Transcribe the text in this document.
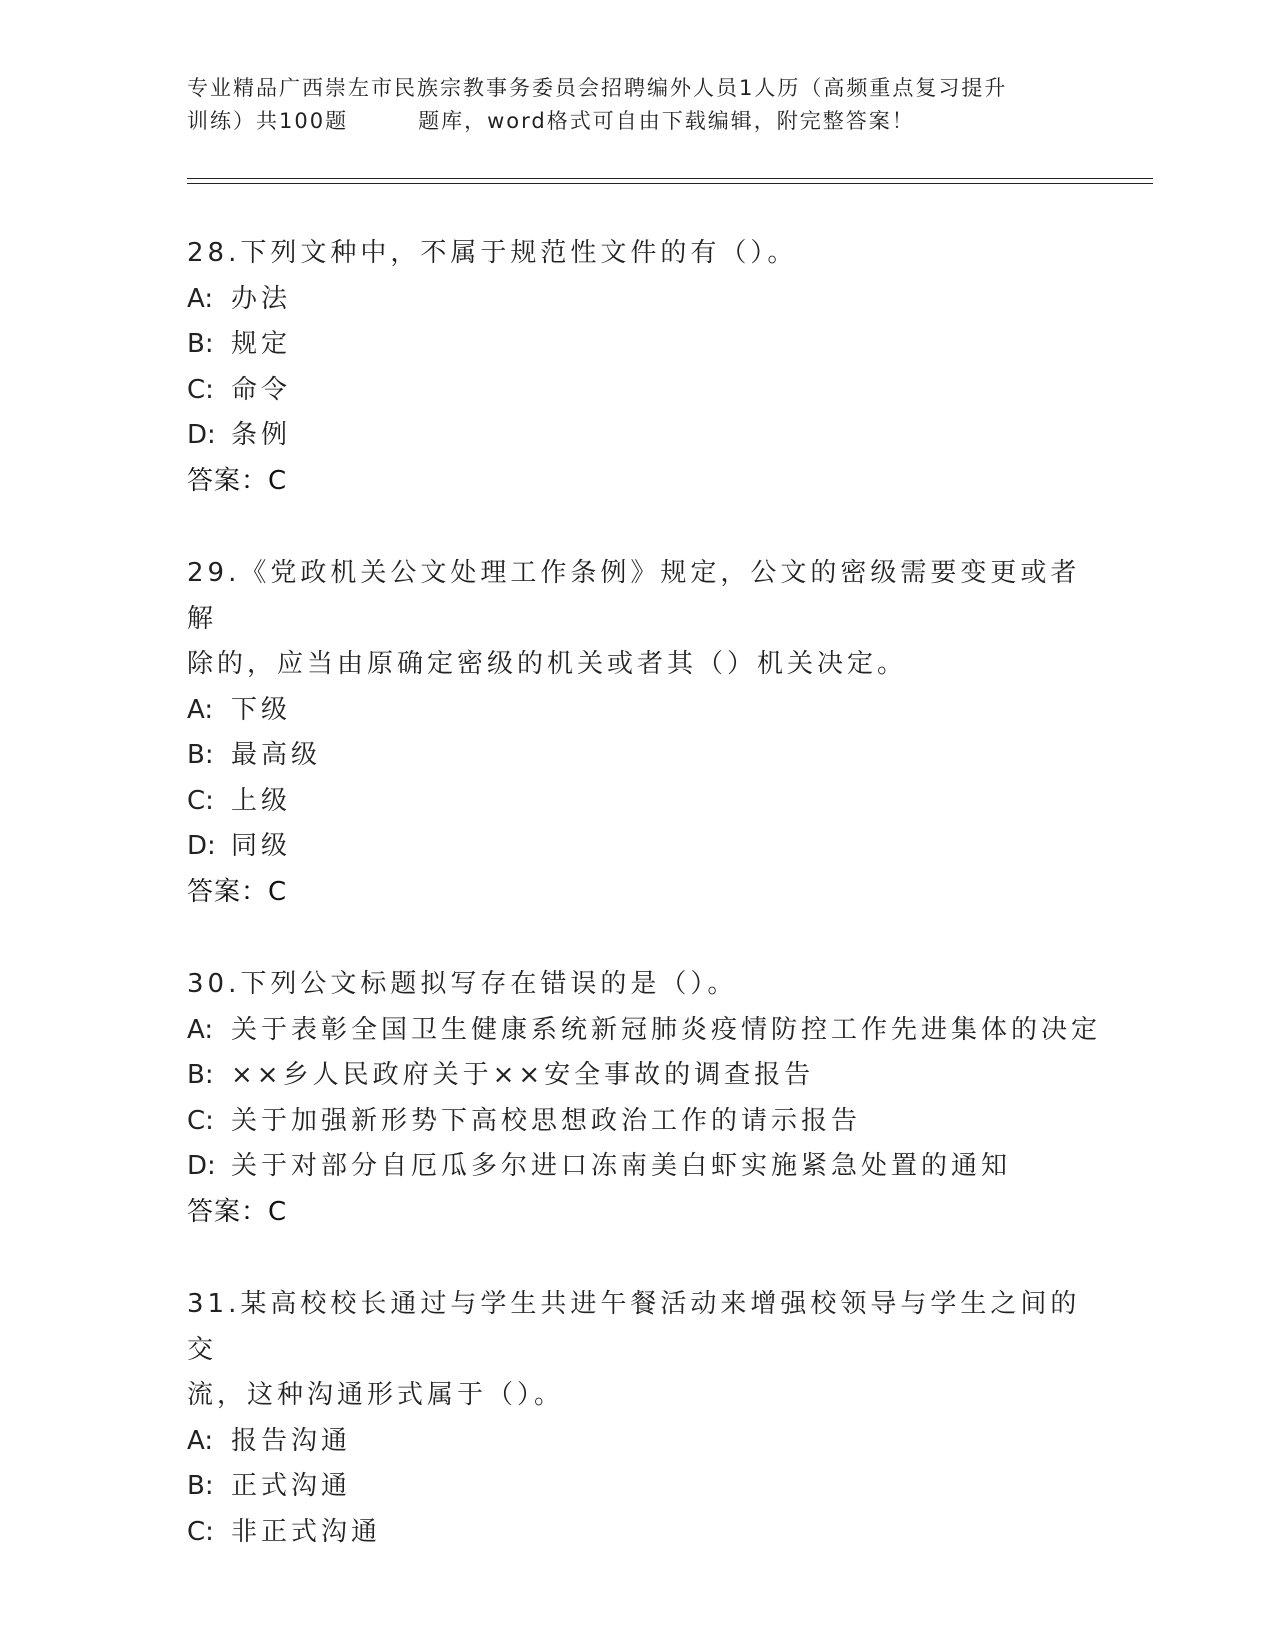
专业精品广西崇左市民族宗教事务委员会招聘编外人员1人历（高频重点复习提升
训练）共100题	题库，word格式可自由下载编辑，附完整答案！
28.下列文种中，不属于规范性文件的有（）。
A: 办法
B: 规定
C: 命令
D: 条例
答案：C
29.《党政机关公文处理工作条例》规定，公文的密级需要变更或者解
除的，应当由原确定密级的机关或者其（）机关决定。
A: 下级
B: 最高级
C: 上级
D: 同级
答案：C
30.下列公文标题拟写存在错误的是（）。
A: 关于表彰全国卫生健康系统新冠肺炎疫情防控工作先进集体的决定
B: ××乡人民政府关于××安全事故的调查报告
C: 关于加强新形势下高校思想政治工作的请示报告
D: 关于对部分自厄瓜多尔进口冻南美白虾实施紧急处置的通知
答案：C
31.某高校校长通过与学生共进午餐活动来增强校领导与学生之间的交
流，这种沟通形式属于（）。
A: 报告沟通
B: 正式沟通
C: 非正式沟通
